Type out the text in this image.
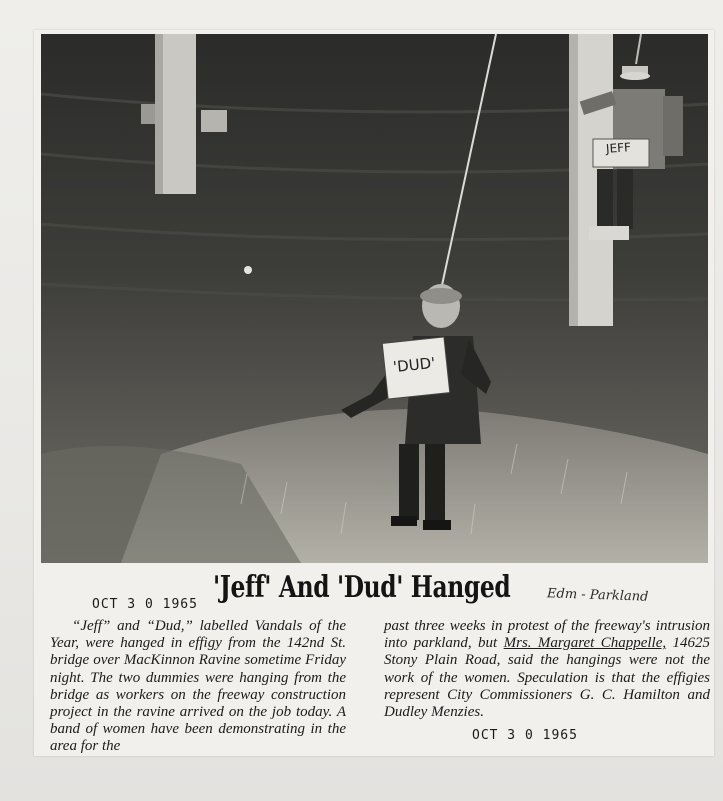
JEFF
'DUD'
OCT 3 0 1965 'Jeff' And 'Dud' Hanged	Edm - Parkland

“Jeff” and “Dud,” labelled Vandals of the Year, were hanged in effigy from the 142nd St. bridge over MacKinnon Ravine sometime Friday night. The two dummies were hanging from the bridge as workers on the freeway construction project in the ravine arrived on the job today. A band of women have been demonstrating in the area for the

past three weeks in protest of the freeway's intrusion into parkland, but Mrs. Margaret Chappelle, 14625 Stony Plain Road, said the hangings were not the work of the women. Speculation is that the effigies represent City Commissioners G. C. Hamilton and Dudley Menzies.

OCT 3 0 1965
